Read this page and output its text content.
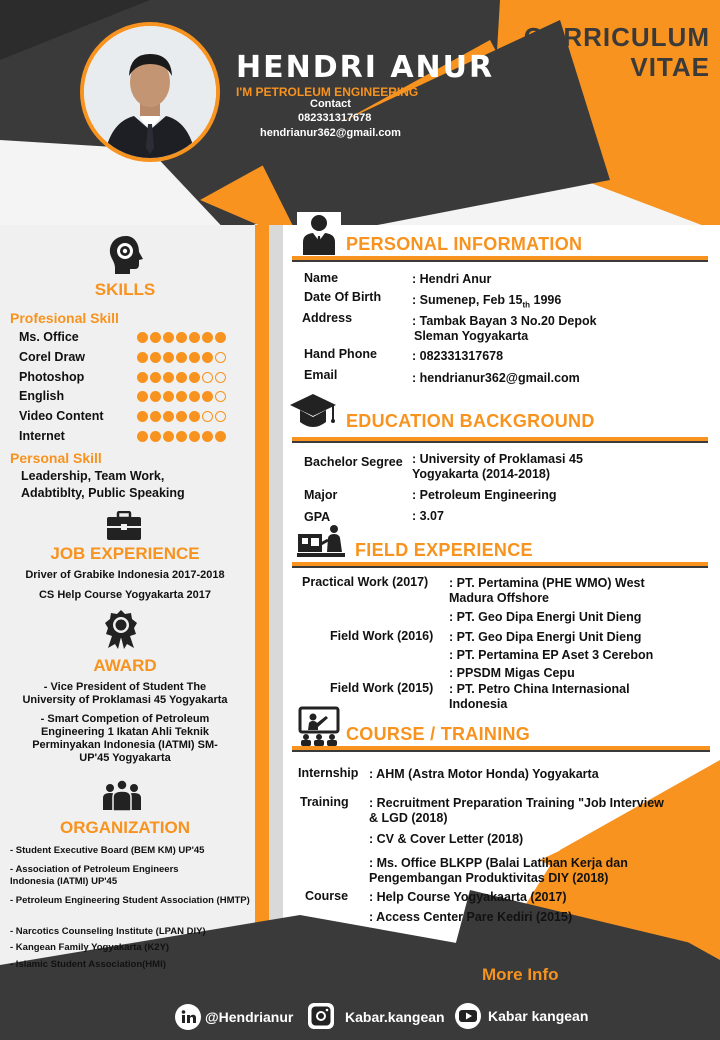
HENDRI ANUR
I'M PETROLEUM ENGINEERING
Contact
082331317678
hendrianur362@gmail.com
CURRICULUM
VITAE
SKILLS
Profesional Skill
Ms. Office
Corel Draw
Photoshop
English
Video Content
Internet
Personal Skill
Leadership, Team Work,
Adabtiblty, Public Speaking
JOB EXPERIENCE
Driver of Grabike Indonesia 2017-2018
CS Help Course Yogyakarta 2017
AWARD
- Vice President of Student The
University of Proklamasi 45 Yogyakarta
- Smart Competion of Petroleum
Engineering 1 Ikatan Ahli Teknik
Perminyakan Indonesia (IATMI) SM-
UP'45 Yogyakarta
ORGANIZATION
- Student Executive Board (BEM KM) UP'45
- Association of Petroleum Engineers Indonesia (IATMI) UP'45
- Petroleum Engineering Student Association (HMTP)
- Narcotics Counseling Institute (LPAN DIY)
- Kangean Family Yogyakarta (K2Y)
- Islamic Student Association(HMI)
PERSONAL INFORMATION
Name	: Hendri Anur
Date Of Birth : Sumenep, Feb $15_{th}$ 1996
Address	: Tambak Bayan 3 No.20 Depok
Sleman Yogyakarta
Hand Phone	: 082331317678
Email	: hendrianur362@gmail.com
EDUCATION BACKGROUND
Bachelor Segree : University of Proklamasi 45
Yogyakarta (2014-2018)
Major	: Petroleum Engineering
GPA	: 3.07
FIELD EXPERIENCE
Practical Work (2017) : PT. Pertamina (PHE WMO) West
Madura Offshore
: PT. Geo Dipa Energi Unit Dieng
Field Work (2016) : PT. Geo Dipa Energi Unit Dieng
: PT. Pertamina EP Aset 3 Cerebon
: PPSDM Migas Cepu
Field Work (2015) : PT. Petro China Internasional
Indonesia
COURSE / TRAINING
Internship : AHM (Astra Motor Honda) Yogyakarta
Training : Recruitment Preparation Training "Job Interview
& LGD (2018)
: CV & Cover Letter (2018)
: Ms. Office BLKPP (Balai Latihan Kerja dan
Pengembangan Produktivitas DIY (2018)
Course : Help Course Yogyakaarta (2017)
: Access Center Pare Kediri (2015)
More Info
@Hendrianur	Kabar.kangean	Kabar kangean
